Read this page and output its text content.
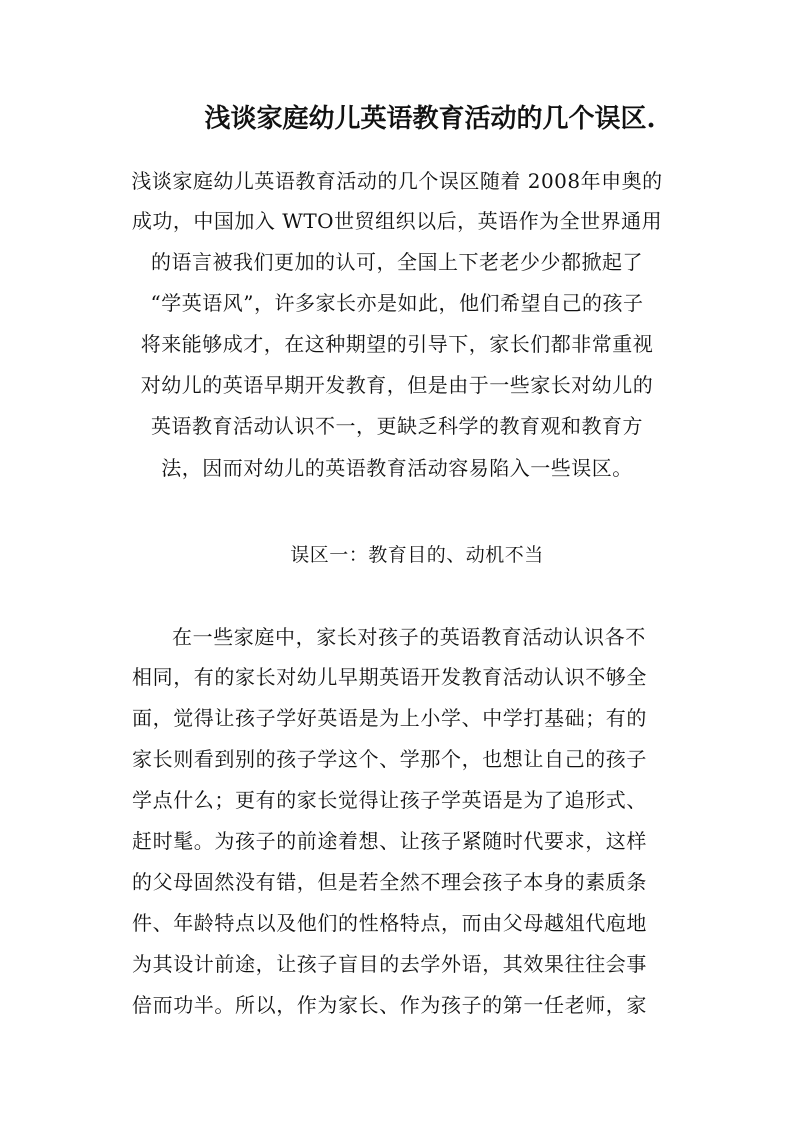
浅谈家庭幼儿英语教育活动的几个误区.
浅谈家庭幼儿英语教育活动的几个误区随着 2008年申奥的
成功，中国加入 WTO世贸组织以后，英语作为全世界通用
的语言被我们更加的认可，全国上下老老少少都掀起了
“学英语风”，许多家长亦是如此，他们希望自己的孩子
将来能够成才，在这种期望的引导下，家长们都非常重视
对幼儿的英语早期开发教育，但是由于一些家长对幼儿的
英语教育活动认识不一，更缺乏科学的教育观和教育方
法，因而对幼儿的英语教育活动容易陷入一些误区。
误区一：教育目的、动机不当
在一些家庭中，家长对孩子的英语教育活动认识各不
相同，有的家长对幼儿早期英语开发教育活动认识不够全
面，觉得让孩子学好英语是为上小学、中学打基础；有的
家长则看到别的孩子学这个、学那个，也想让自己的孩子
学点什么；更有的家长觉得让孩子学英语是为了追形式、
赶时髦。为孩子的前途着想、让孩子紧随时代要求，这样
的父母固然没有错，但是若全然不理会孩子本身的素质条
件、年龄特点以及他们的性格特点，而由父母越俎代庖地
为其设计前途，让孩子盲目的去学外语，其效果往往会事
倍而功半。所以，作为家长、作为孩子的第一任老师，家
